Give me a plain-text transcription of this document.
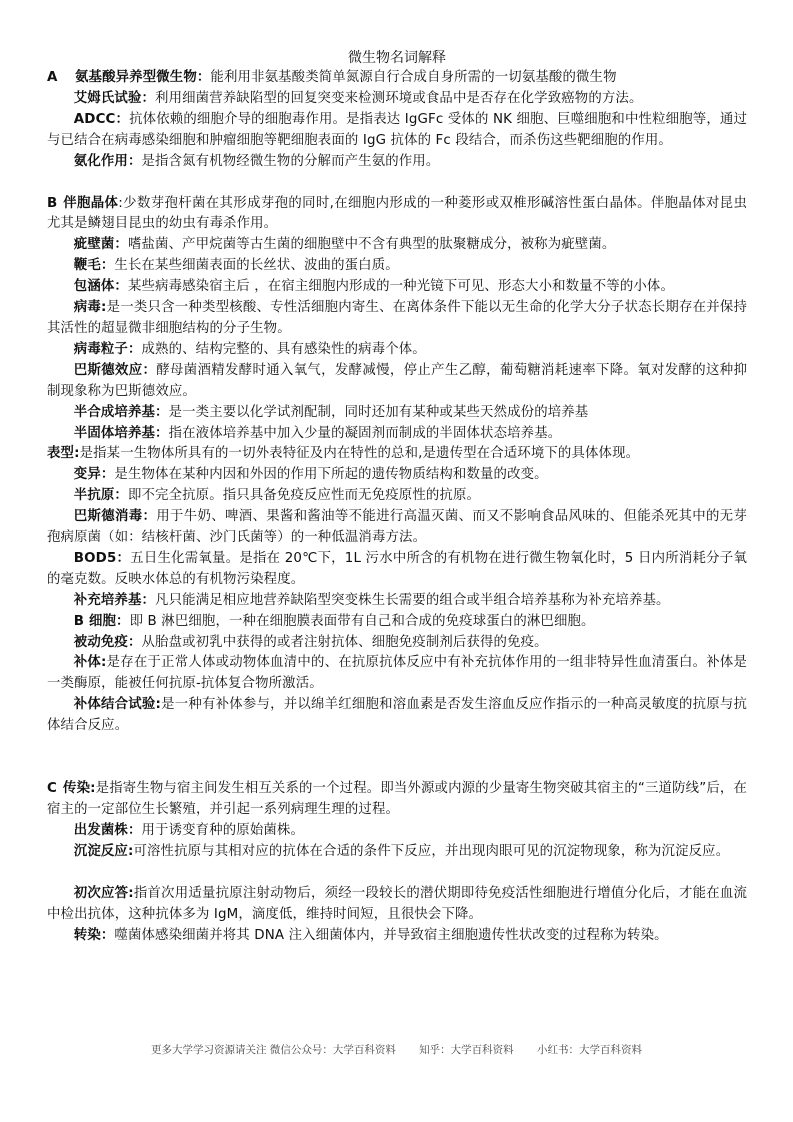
微生物名词解释

A 氨基酸异养型微生物：能利用非氨基酸类简单氮源自行合成自身所需的一切氨基酸的微生物

艾姆氏试验：利用细菌营养缺陷型的回复突变来检测环境或食品中是否存在化学致癌物的方法。

ADCC：抗体依赖的细胞介导的细胞毒作用。是指表达 IgGFc 受体的 NK 细胞、巨噬细胞和中性粒细胞等，通过与已结合在病毒感染细胞和肿瘤细胞等靶细胞表面的 IgG 抗体的 Fc 段结合，而杀伤这些靶细胞的作用。

氨化作用：是指含氮有机物经微生物的分解而产生氨的作用。

B 伴胞晶体:少数芽孢杆菌在其形成芽孢的同时,在细胞内形成的一种菱形或双椎形碱溶性蛋白晶体。伴胞晶体对昆虫尤其是鳞翅目昆虫的幼虫有毒杀作用。

疵壁菌：嗜盐菌、产甲烷菌等古生菌的细胞壁中不含有典型的肽聚糖成分，被称为疵壁菌。

鞭毛：生长在某些细菌表面的长丝状、波曲的蛋白质。

包涵体：某些病毒感染宿主后 ，在宿主细胞内形成的一种光镜下可见、形态大小和数量不等的小体。

病毒:是一类只含一种类型核酸、专性活细胞内寄生、在离体条件下能以无生命的化学大分子状态长期存在并保持其活性的超显微非细胞结构的分子生物。

病毒粒子：成熟的、结构完整的、具有感染性的病毒个体。

巴斯德效应：酵母菌酒精发酵时通入氧气，发酵减慢，停止产生乙醇，葡萄糖消耗速率下降。氧对发酵的这种抑制现象称为巴斯德效应。

半合成培养基：是一类主要以化学试剂配制，同时还加有某种或某些天然成份的培养基

半固体培养基：指在液体培养基中加入少量的凝固剂而制成的半固体状态培养基。

表型:是指某一生物体所具有的一切外表特征及内在特性的总和,是遗传型在合适环境下的具体体现。

变异：是生物体在某种内因和外因的作用下所起的遗传物质结构和数量的改变。

半抗原：即不完全抗原。指只具备免疫反应性而无免疫原性的抗原。

巴斯德消毒：用于牛奶、啤酒、果酱和酱油等不能进行高温灭菌、而又不影响食品风味的、但能杀死其中的无芽孢病原菌（如：结核杆菌、沙门氏菌等）的一种低温消毒方法。

BOD5：五日生化需氧量。是指在 20℃下，1L 污水中所含的有机物在进行微生物氧化时，5 日内所消耗分子氧的毫克数。反映水体总的有机物污染程度。

补充培养基：凡只能满足相应地营养缺陷型突变株生长需要的组合或半组合培养基称为补充培养基。

B 细胞：即 B 淋巴细胞，一种在细胞膜表面带有自己和合成的免疫球蛋白的淋巴细胞。

被动免疫：从胎盘或初乳中获得的或者注射抗体、细胞免疫制剂后获得的免疫。

补体:是存在于正常人体或动物体血清中的、在抗原抗体反应中有补充抗体作用的一组非特异性血清蛋白。补体是一类酶原，能被任何抗原-抗体复合物所激活。

补体结合试验:是一种有补体参与，并以绵羊红细胞和溶血素是否发生溶血反应作指示的一种高灵敏度的抗原与抗体结合反应。

C 传染:是指寄生物与宿主间发生相互关系的一个过程。即当外源或内源的少量寄生物突破其宿主的“三道防线”后，在宿主的一定部位生长繁殖，并引起一系列病理生理的过程。

出发菌株：用于诱变育种的原始菌株。

沉淀反应:可溶性抗原与其相对应的抗体在合适的条件下反应，并出现肉眼可见的沉淀物现象，称为沉淀反应。

初次应答:指首次用适量抗原注射动物后，须经一段较长的潜伏期即待免疫活性细胞进行增值分化后，才能在血流中检出抗体，这种抗体多为 IgM，滴度低，维持时间短，且很快会下降。

转染：噬菌体感染细菌并将其 DNA 注入细菌体内，并导致宿主细胞遗传性状改变的过程称为转染。

更多大学学习资源请关注 微信公众号：大学百科资料 知乎：大学百科资料 小红书：大学百科资料
